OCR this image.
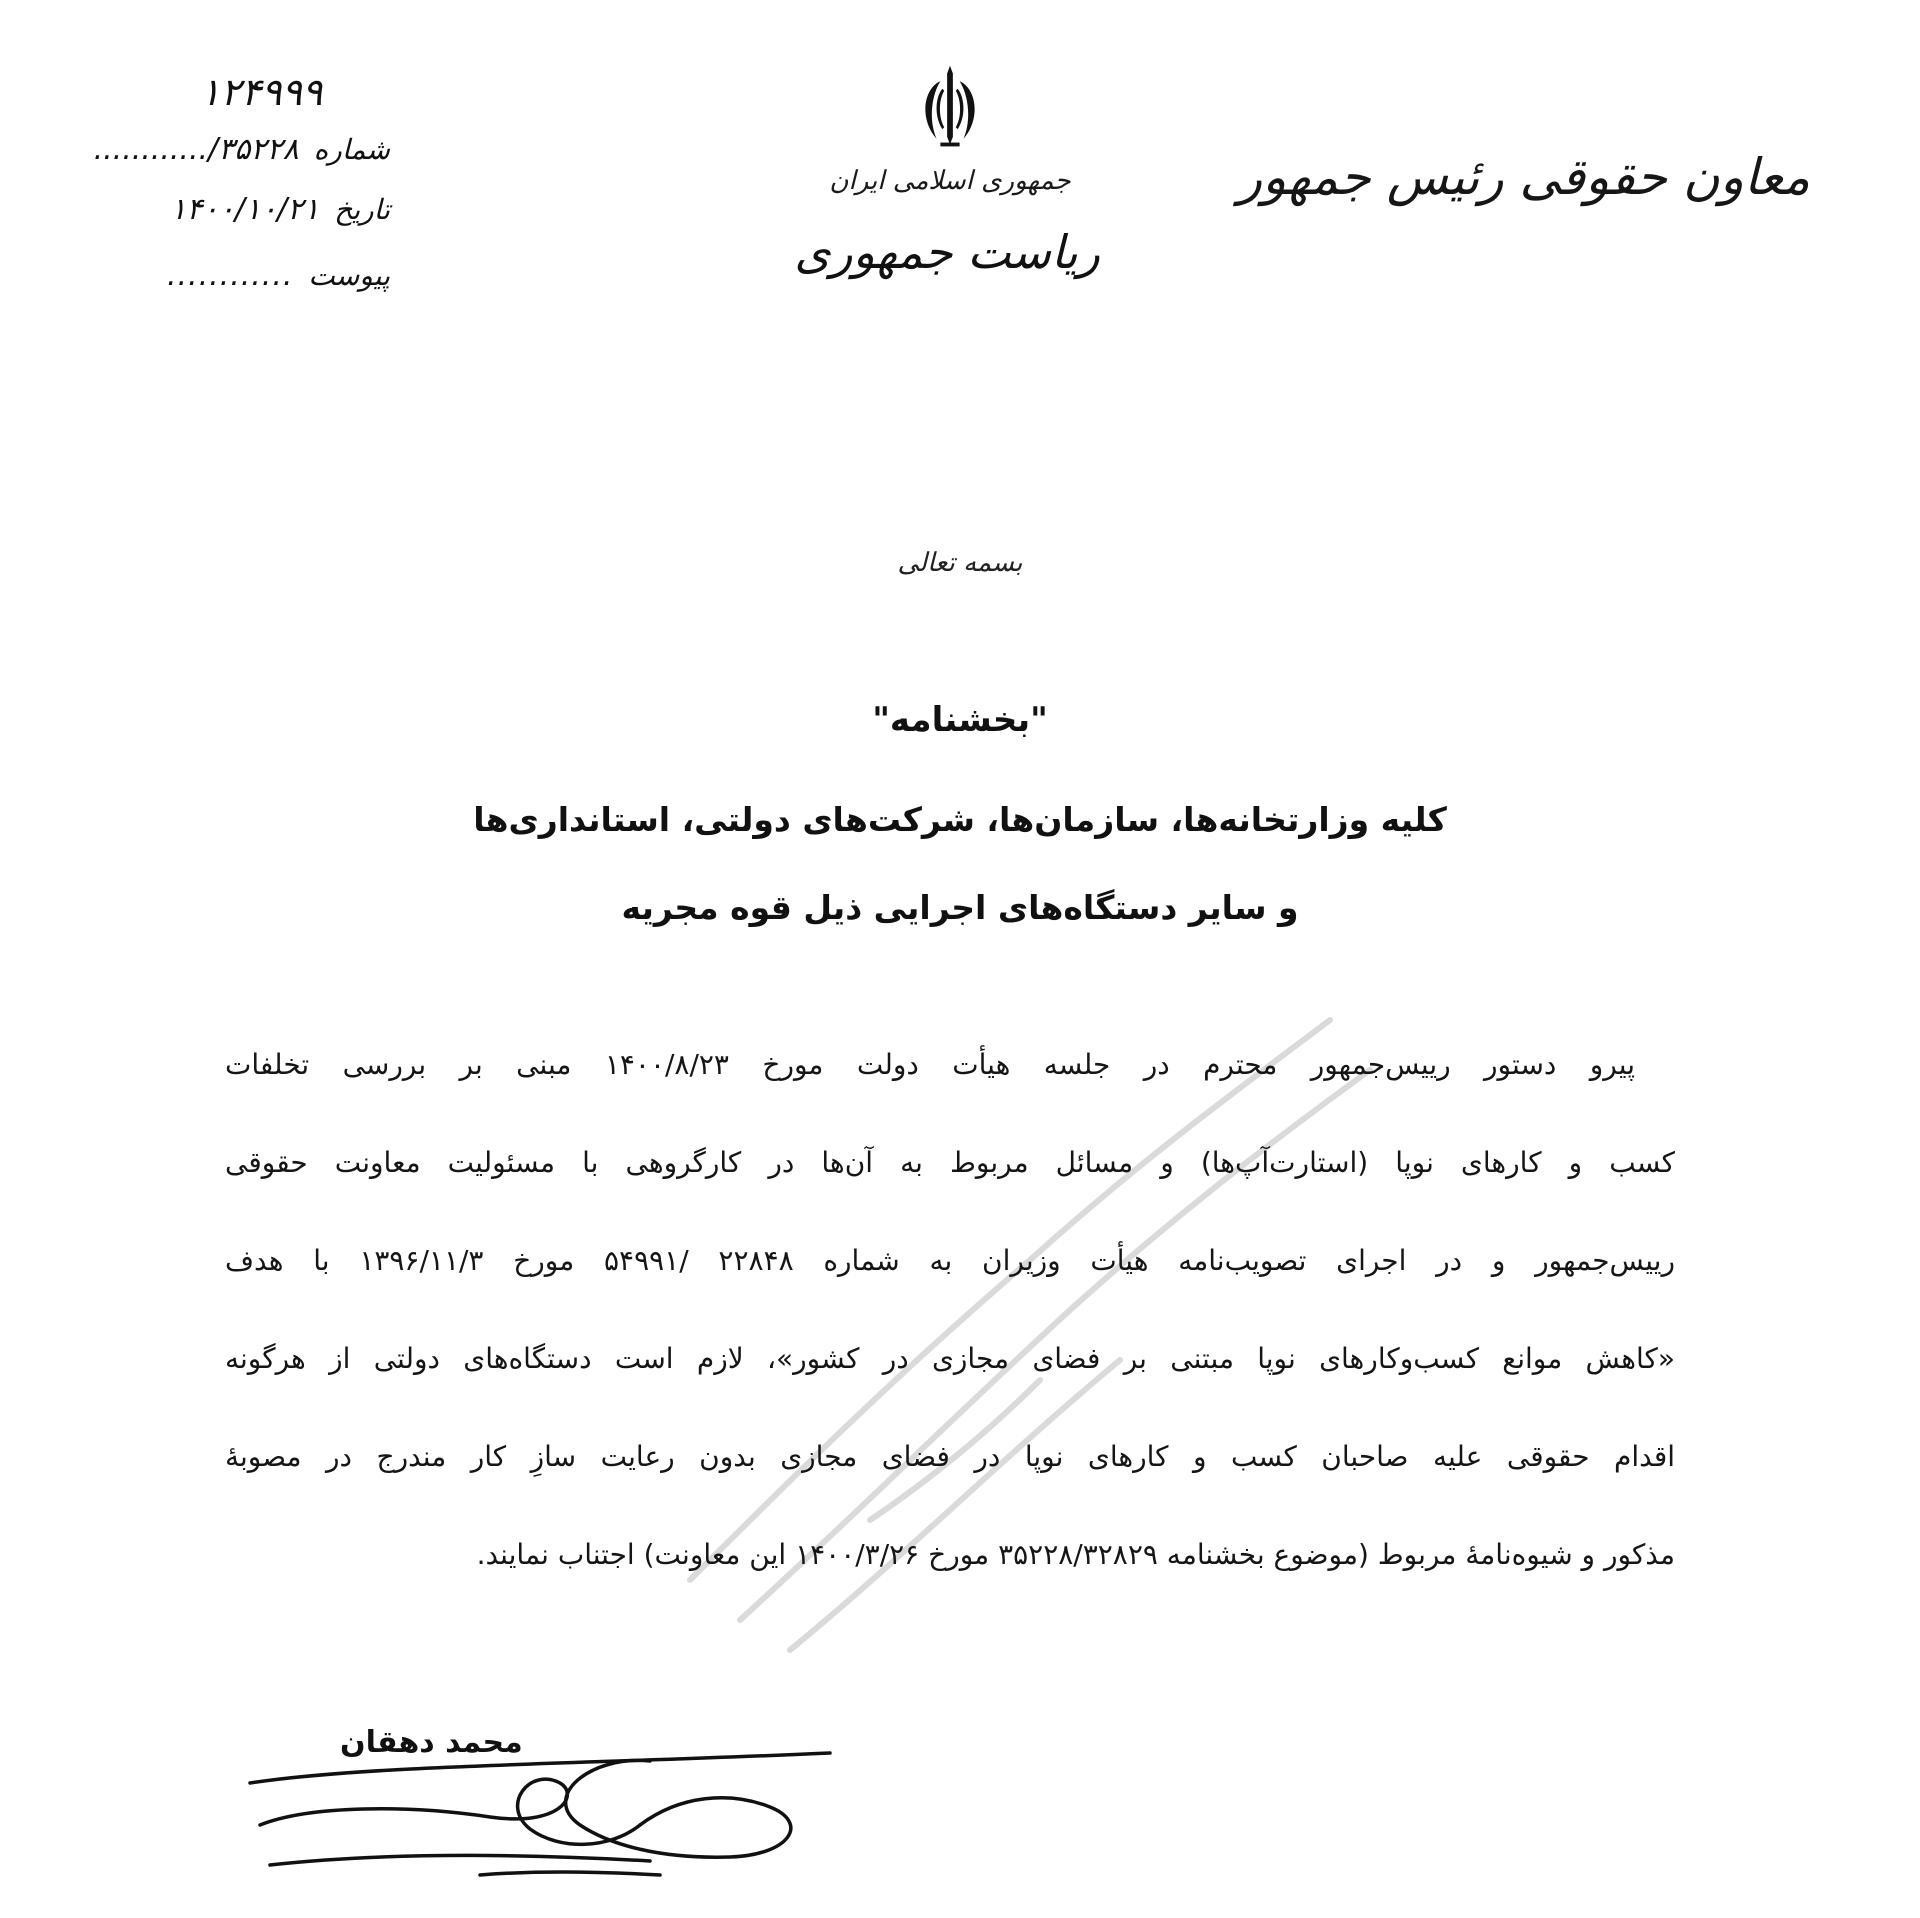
معاون حقوقی رئیس جمهور
جمهوری اسلامی ایران
ریاست جمهوری
۱۲۴۹۹۹
شماره ۳۵۲۲۸/............
تاریخ ۱۴۰۰/۱۰/۲۱
پیوست ............
بسمه تعالی
"بخشنامه"
کلیه وزارتخانه‌ها، سازمان‌ها، شرکت‌های دولتی، استانداری‌ها
و سایر دستگاه‌های اجرایی ذیل قوه مجریه
پیرو دستور رییس‌جمهور محترم در جلسه هیأت دولت مورخ ۱۴۰۰/۸/۲۳ مبنی بر بررسی تخلفات
کسب و کارهای نوپا (استارت‌آپ‌ها) و مسائل مربوط به آن‌ها در کارگروهی با مسئولیت معاونت حقوقی
رییس‌جمهور و در اجرای تصویب‌نامه هیأت وزیران به شماره ۲۲۸۴۸ /۵۴۹۹۱ مورخ ۱۳۹۶/۱۱/۳ با هدف
«کاهش موانع کسب‌وکارهای نوپا مبتنی بر فضای مجازی در کشور»، لازم است دستگاه‌های دولتی از هرگونه
اقدام حقوقی علیه صاحبان کسب و کارهای نوپا در فضای مجازی بدون رعایت سازِ کار مندرج در مصوبهٔ
مذکور و شیوه‌نامهٔ مربوط (موضوع بخشنامه ۳۵۲۲۸/۳۲۸۲۹ مورخ ۱۴۰۰/۳/۲۶ این معاونت) اجتناب نمایند.
محمد دهقان
